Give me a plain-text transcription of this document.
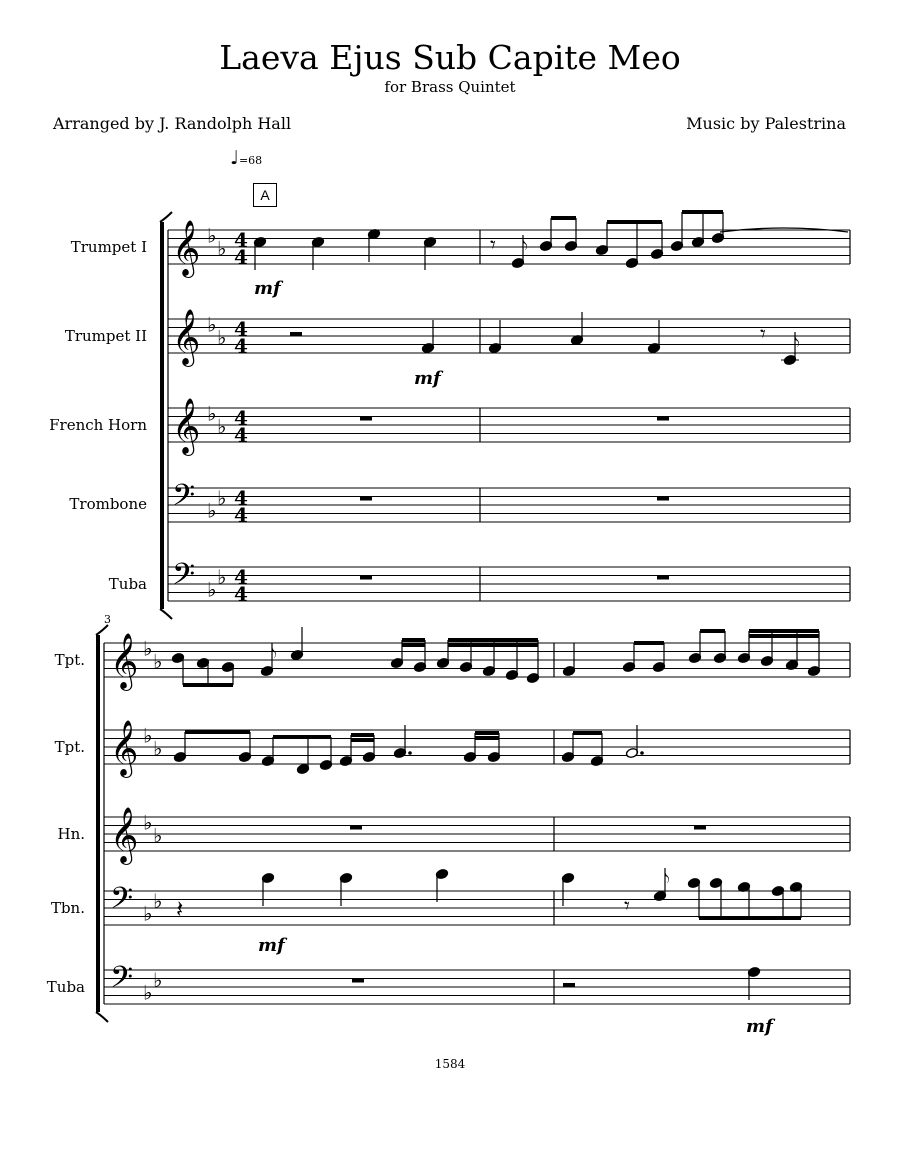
Laeva Ejus Sub Capite Meo
for Brass Quintet
Arranged by J. Randolph Hall	Music by Palestrina
♩=68
A
3
Trumpet I
Trumpet II
French Horn
Trombone
Tuba
Tpt.
Tpt.
Hn.
Tbn.
Tuba
𝄞 ♭
♭ 4
4
𝄞 ♭
♭ 4
4
𝄞 ♭
♭ 4
4
𝄢 ♭
♭ 4
4
𝄢 ♭
♭ 4
4
mf
𝄾 𝅮
mf
𝄾 𝅮
𝄞 ♭
♭
𝄞 ♭
♭
𝄞 ♭
♭
𝄢 ♭
♭
𝄢 ♭
♭
𝅮
𝄽
mf
𝄾
𝅮
mf
1584
